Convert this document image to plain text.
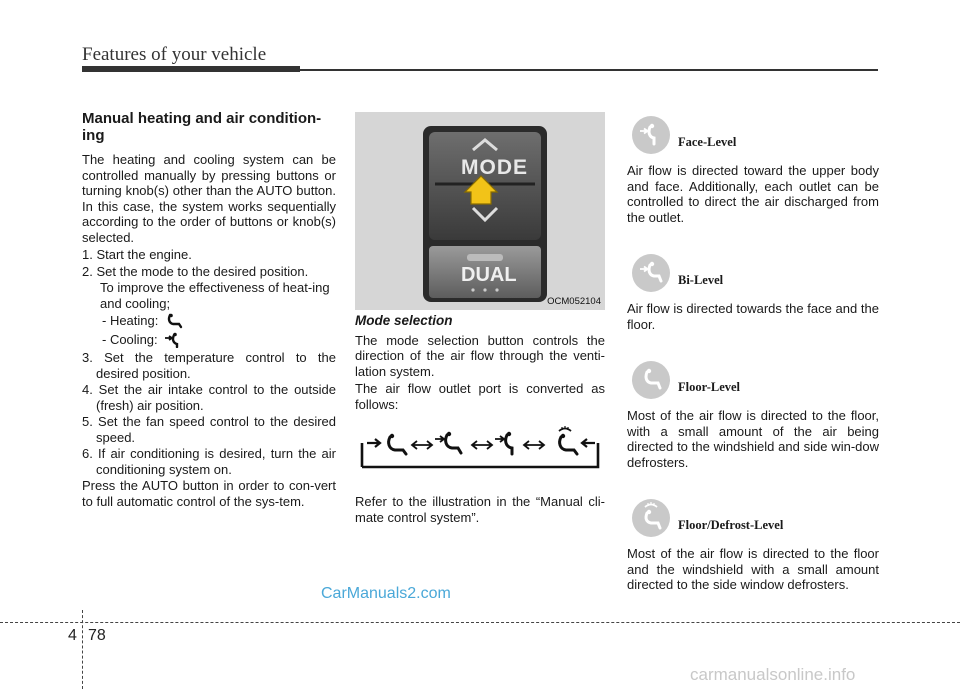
Features of your vehicle
Manual heating and air condition-ing

The heating and cooling system can be controlled manually by pressing buttons or turning knob(s) other than the AUTO button. In this case, the system works sequentially according to the order of buttons or knob(s) selected.

1. Start the engine.
2. Set the mode to the desired position.
To improve the effectiveness of heat-ing and cooling;
- Heating:
- Cooling:
3. Set the temperature control to the desired position.
4. Set the air intake control to the outside (fresh) air position.
5. Set the fan speed control to the desired speed.
6. If air conditioning is desired, turn the air conditioning system on.

Press the AUTO button in order to con-vert to full automatic control of the sys-tem.

MODE
DUAL
OCM052104
Mode selection

The mode selection button controls the direction of the air flow through the venti-lation system.

The air flow outlet port is converted as follows:

Refer to the illustration in the “Manual cli-mate control system”.

Face-Level

Air flow is directed toward the upper body and face. Additionally, each outlet can be controlled to direct the air discharged from the outlet.

Bi-Level

Air flow is directed towards the face and the floor.

Floor-Level

Most of the air flow is directed to the floor, with a small amount of the air being directed to the windshield and side win-dow defrosters.

Floor/Defrost-Level

Most of the air flow is directed to the floor and the windshield with a small amount directed to the side window defrosters.

CarManuals2.com
4 78
carmanualsonline.info
